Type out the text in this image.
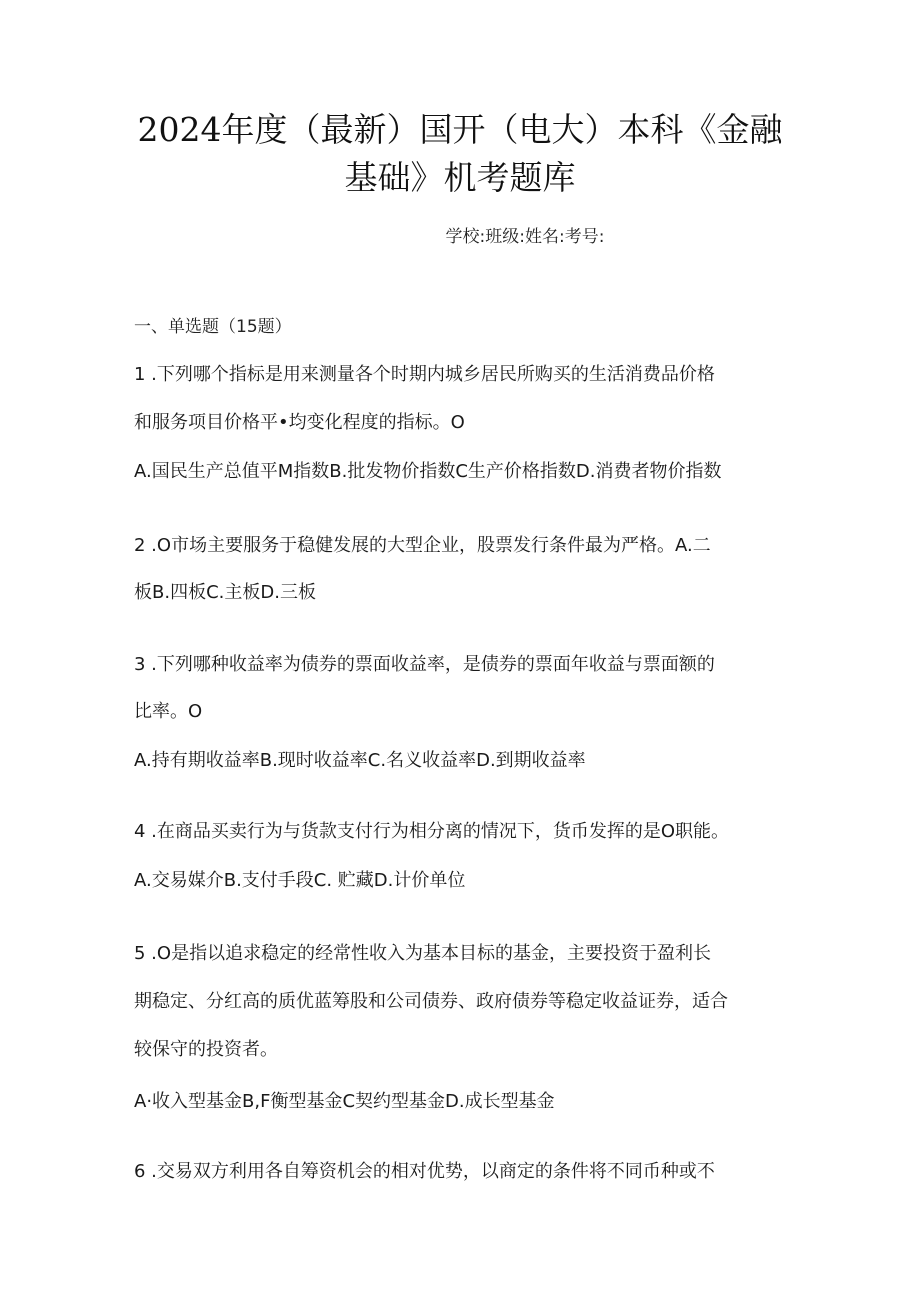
2024年度（最新）国开（电大）本科《金融
基础》机考题库
学校:班级:姓名:考号:
一、单选题（15题）
1 .下列哪个指标是用来测量各个时期内城乡居民所购买的生活消费品价格
和服务项目价格平•均变化程度的指标。O
A.国民生产总值平M指数B.批发物价指数C生产价格指数D.消费者物价指数
2 .O市场主要服务于稳健发展的大型企业，股票发行条件最为严格。A.二
板B.四板C.主板D.三板
3 .下列哪种收益率为债券的票面收益率，是债券的票面年收益与票面额的
比率。O
A.持有期收益率B.现时收益率C.名义收益率D.到期收益率
4 .在商品买卖行为与货款支付行为相分离的情况下，货币发挥的是O职能。
A.交易媒介B.支付手段C. 贮藏D.计价单位
5 .O是指以追求稳定的经常性收入为基本目标的基金，主要投资于盈利长
期稳定、分红高的质优蓝筹股和公司债券、政府债券等稳定收益证券，适合
较保守的投资者。
A·收入型基金B,F衡型基金C契约型基金D.成长型基金
6 .交易双方利用各自筹资机会的相对优势，以商定的条件将不同币种或不
